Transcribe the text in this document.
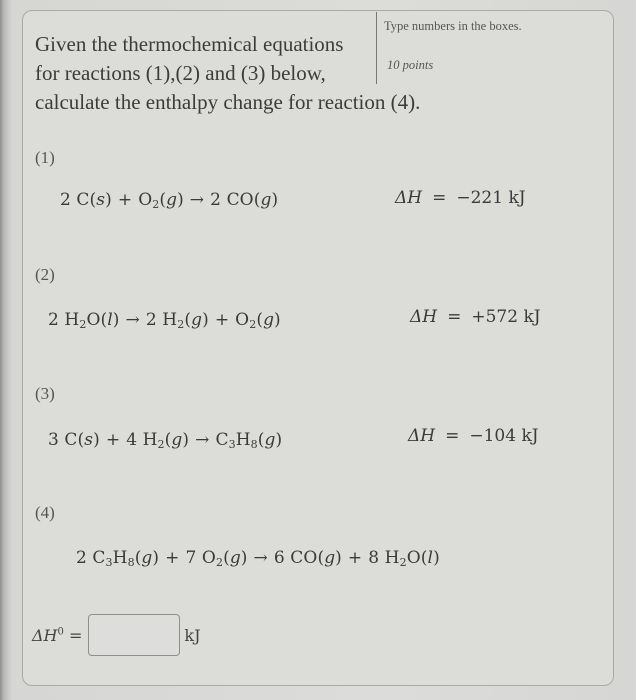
Given the thermochemical equations
for reactions (1),(2) and (3) below,
calculate the enthalpy change for reaction (4).
Type numbers in the boxes.
10 points
(1)
2 $C(s) + O_2(g) \to 2$ CO(g)	ΔH = −221 kJ
(2)
2 $H_2O(l) \to 2$ $H_2(g) + O_2(g)$	ΔH = +572 kJ
(3)
3 C(s) + 4 $H_2(g) \to C_3H_8(g)$	ΔH = −104 kJ
(4)
2 $C_3H_8(g) + 7$ $O_2(g) \to 6$ CO(g) + 8 $H_2O(l)$
$\Delta H^0$ =	kJ
